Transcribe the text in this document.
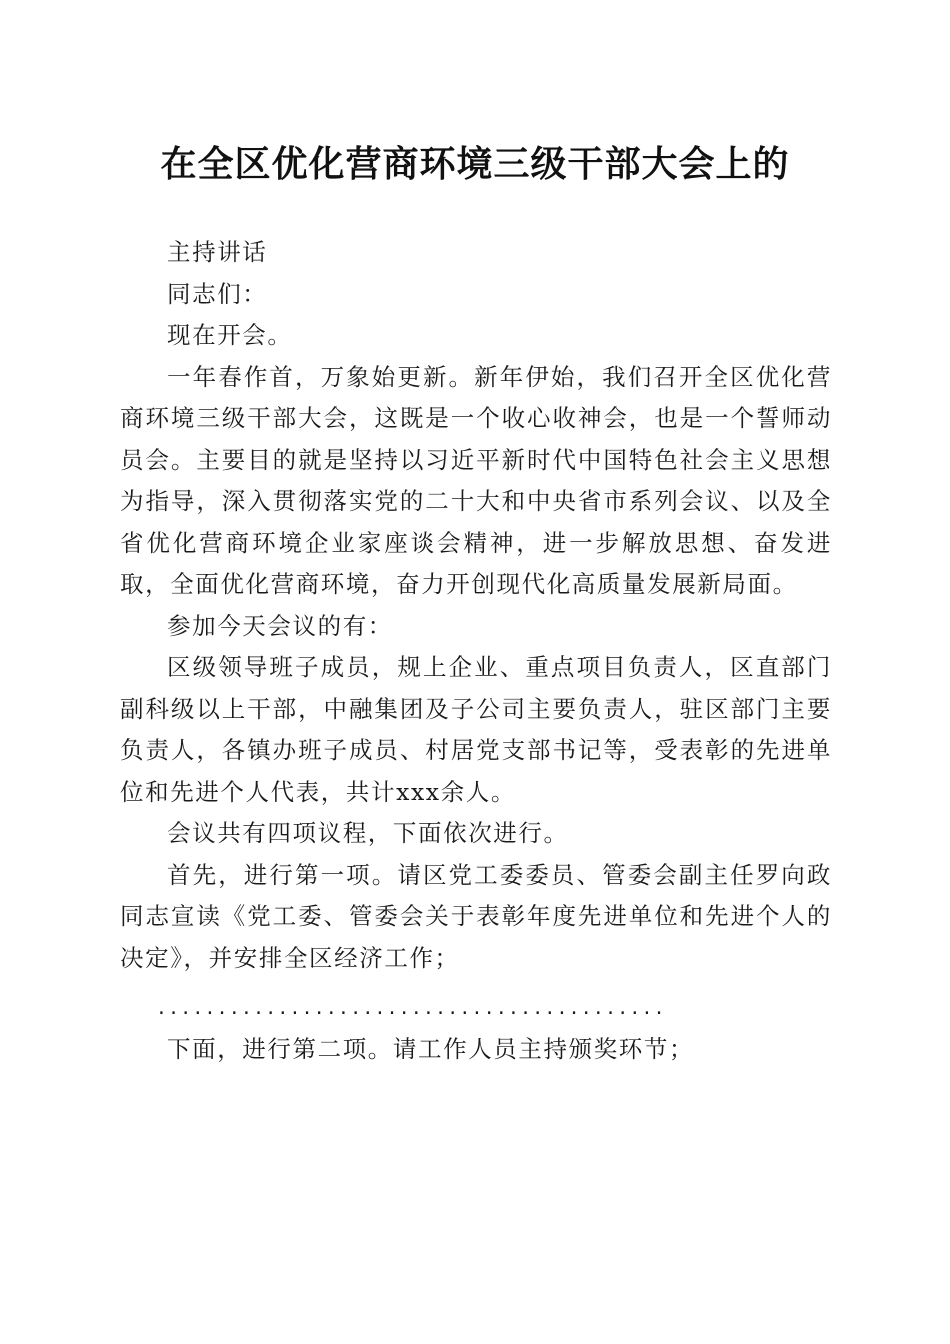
在全区优化营商环境三级干部大会上的

主持讲话

同志们：

现在开会。

一年春作首，万象始更新。新年伊始，我们召开全区优化营商环境三级干部大会，这既是一个收心收神会，也是一个誓师动员会。主要目的就是坚持以习近平新时代中国特色社会主义思想为指导，深入贯彻落实党的二十大和中央省市系列会议、以及全省优化营商环境企业家座谈会精神，进一步解放思想、奋发进取，全面优化营商环境，奋力开创现代化高质量发展新局面。

参加今天会议的有：

区级领导班子成员，规上企业、重点项目负责人，区直部门副科级以上干部，中融集团及子公司主要负责人，驻区部门主要负责人，各镇办班子成员、村居党支部书记等，受表彰的先进单位和先进个人代表，共计xxx余人。

会议共有四项议程，下面依次进行。

首先，进行第一项。请区党工委委员、管委会副主任罗向政同志宣读《党工委、管委会关于表彰年度先进单位和先进个人的决定》，并安排全区经济工作；

..........................................

下面，进行第二项。请工作人员主持颁奖环节；
